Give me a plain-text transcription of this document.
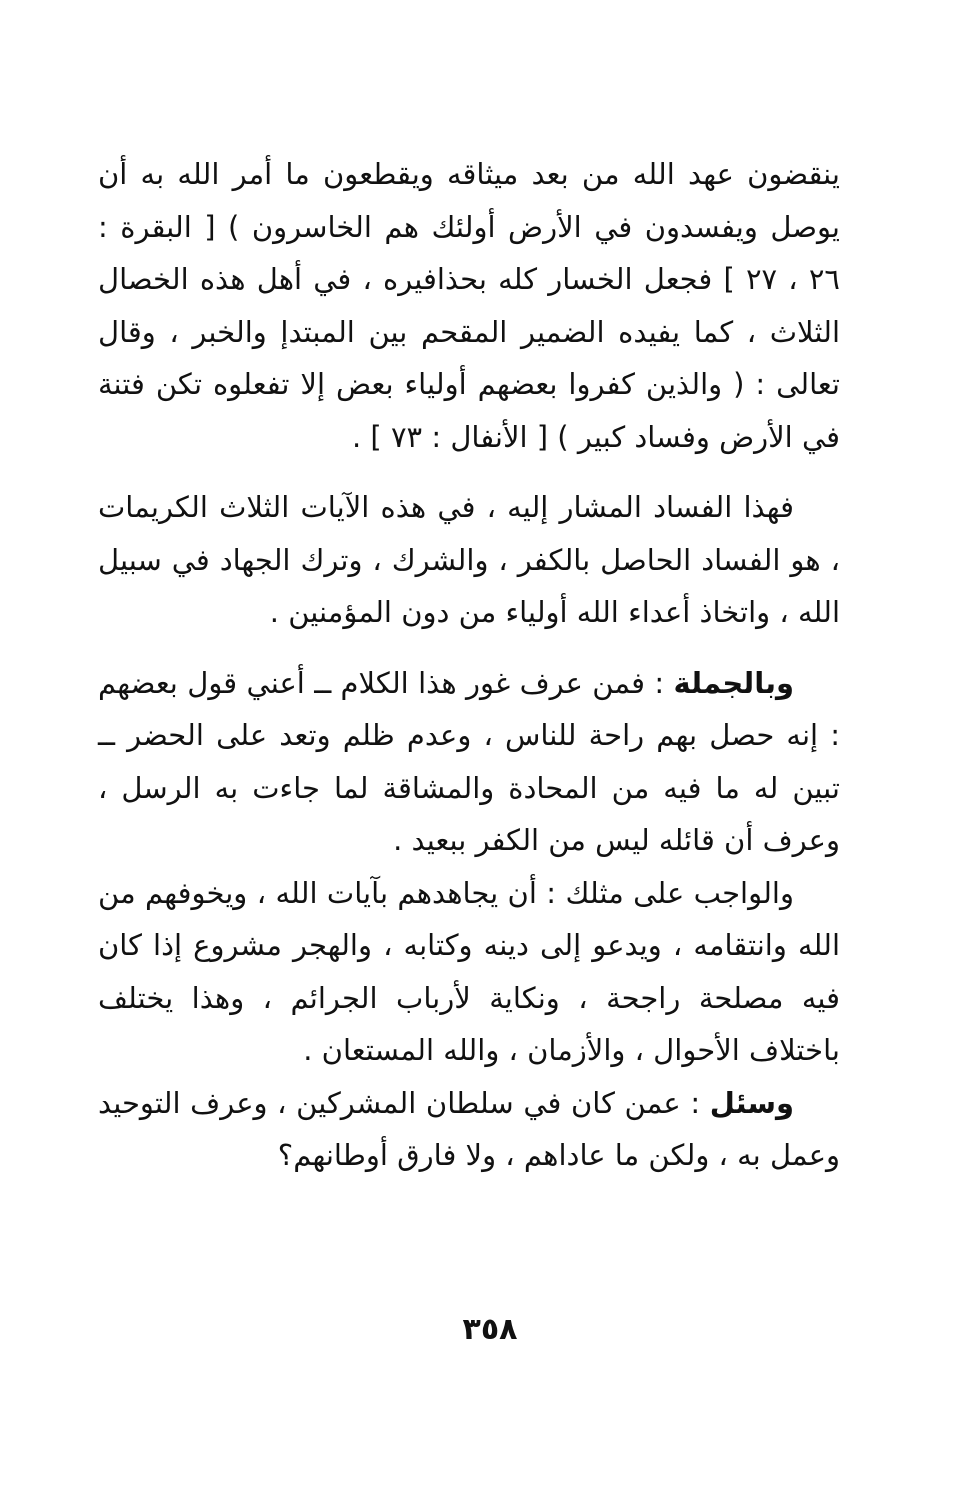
ينقضون عهد الله من بعد ميثاقه ويقطعون ما أمر الله به أن يوصل ويفسدون في الأرض أولئك هم الخاسرون ) [ البقرة : ٢٦ ، ٢٧ ] فجعل الخسار كله بحذافيره ، في أهل هذه الخصال الثلاث ، كما يفيده الضمير المقحم بين المبتدإ والخبر ، وقال تعالى : ( والذين كفروا بعضهم أولياء بعض إلا تفعلوه تكن فتنة في الأرض وفساد كبير ) [ الأنفال : ٧٣ ] .

فهذا الفساد المشار إليه ، في هذه الآيات الثلاث الكريمات ، هو الفساد الحاصل بالكفر ، والشرك ، وترك الجهاد في سبيل الله ، واتخاذ أعداء الله أولياء من دون المؤمنين .

وبالجملة : فمن عرف غور هذا الكلام ــ أعني قول بعضهم : إنه حصل بهم راحة للناس ، وعدم ظلم وتعد على الحضر ــ تبين له ما فيه من المحادة والمشاقة لما جاءت به الرسل ، وعرف أن قائله ليس من الكفر ببعيد .

والواجب على مثلك : أن يجاهدهم بآيات الله ، ويخوفهم من الله وانتقامه ، ويدعو إلى دينه وكتابه ، والهجر مشروع إذا كان فيه مصلحة راجحة ، ونكاية لأرباب الجرائم ، وهذا يختلف باختلاف الأحوال ، والأزمان ، والله المستعان .

وسئل : عمن كان في سلطان المشركين ، وعرف التوحيد وعمل به ، ولكن ما عاداهم ، ولا فارق أوطانهم؟

٣٥٨
